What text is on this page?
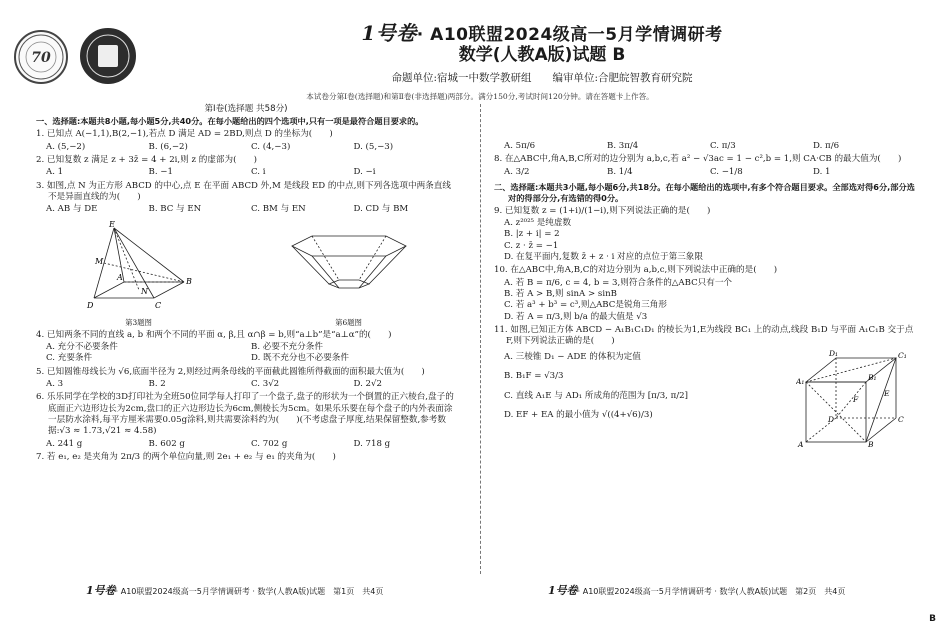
70
1号卷· A10联盟2024级高一5月学情调研考
数学(人教A版)试题 B
命题单位:宿城一中数学教研组　　编审单位:合肥皖智教育研究院
本试卷分第Ⅰ卷(选择题)和第Ⅱ卷(非选择题)两部分。满分150分,考试时间120分钟。请在答题卡上作答。
第Ⅰ卷(选择题 共58分)
一、选择题:本题共8小题,每小题5分,共40分。在每小题给出的四个选项中,只有一项是最符合题目要求的。
1. 已知点 A(−1,1),B(2,−1),若点 D 满足 AD = 2BD,则点 D 的坐标为(　　)
A. (5,−2)	B. (6,−2)	C. (4,−3)	D. (5,−3)
2. 已知复数 z 满足 z + 3z̄ = 4 + 2i,则 z 的虚部为(　　)
A. 1	B. −1	C. i	D. −i
3. 如图,点 N 为正方形 ABCD 的中心,点 E 在平面 ABCD 外,M 是线段 ED 的中点,则下列各选项中两条直线不是异面直线的为(　　)
A. AB 与 DE	B. BC 与 EN	C. BM 与 EN	D. CD 与 BM
E
M
N
A	B
C
D
第3题图	第6题图
4. 已知两条不同的直线 a, b 和两个不同的平面 α, β,且 α∩β = b,则“a⊥b”是“a⊥α”的(　　)
A. 充分不必要条件	B. 必要不充分条件
C. 充要条件	D. 既不充分也不必要条件
5. 已知圆锥母线长为 √6,底面半径为 2,则经过两条母线的平面截此圆锥所得截面的面积最大值为(　　)
A. 3	B. 2	C. 3√2	D. 2√2
6. 乐乐同学在学校的3D打印社为全班50位同学每人打印了一个盘子,盘子的形状为一个倒置的正六棱台,盘子的底面正六边形边长为2cm,盘口的正六边形边长为6cm,侧棱长为5cm。如果乐乐要在每个盘子的内外表面涂一层防水涂料,每平方厘米需要0.05g涂料,则共需要涂料约为(　　)(不考虑盘子厚度,结果保留整数,参考数据:√3 ≈ 1.73,√21 ≈ 4.58)
A. 241 g	B. 602 g	C. 702 g	D. 718 g
7. 若 e₁, e₂ 是夹角为 2π/3 的两个单位向量,则 2e₁ + e₂ 与 e₁ 的夹角为(　　)
A. 5π/6	B. 3π/4	C. π/3	D. π/6
8. 在△ABC中,角A,B,C所对的边分别为 a,b,c,若 a² − √3ac = 1 − c²,b = 1,则 CA·CB 的最大值为(　　)
A. 3/2	B. 1/4	C. −1/8	D. 1
二、选择题:本题共3小题,每小题6分,共18分。在每小题给出的选项中,有多个符合题目要求。全部选对得6分,部分选对的得部分分,有选错的得0分。
9. 已知复数 z = (1+i)/(1−i),则下列说法正确的是(　　)
A. z²⁰²⁵ 是纯虚数
B. |z + i| = 2
C. z · z̄ = −1
D. 在复平面内,复数 z̄ + z · i 对应的点位于第三象限
10. 在△ABC中,角A,B,C的对边分别为 a,b,c,则下列说法中正确的是(　　)
A. 若 B = π/6, c = 4, b = 3,则符合条件的△ABC只有一个
B. 若 A > B,则 sinA > sinB
C. 若 a³ + b³ = c³,则△ABC是锐角三角形
D. 若 A = π/3,则 b/a 的最大值是 √3
11. 如图,已知正方体 ABCD − A₁B₁C₁D₁ 的棱长为1,E为线段 BC₁ 上的动点,线段 B₁D 与平面 A₁C₁B 交于点 F,则下列说法正确的是(　　)
A. 三棱锥 D₁ − ADE 的体积为定值
B. B₁F = √3/3
C. 直线 A₁E 与 AD₁ 所成角的范围为 [π/3, π/2]
D. EF + EA 的最小值为 √((4+√6)/3)
D₁	C₁
A₁	B₁
F
E
D	C
A	B
1号卷· A10联盟2024级高一5月学情调研考 · 数学(人教A版)试题　第1页　共4页	1号卷· A10联盟2024级高一5月学情调研考 · 数学(人教A版)试题　第2页　共4页
B
